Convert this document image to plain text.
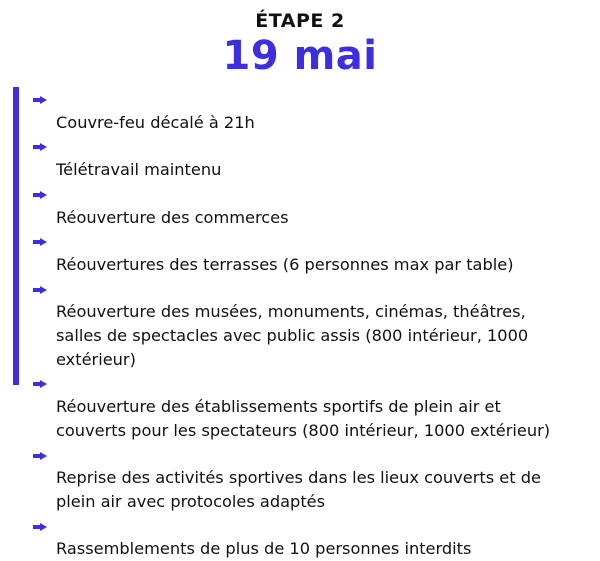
ÉTAPE 2
19 mai

Couvre-feu décalé à 21h

Télétravail maintenu

Réouverture des commerces

Réouvertures des terrasses (6 personnes max par table)

Réouverture des musées, monuments, cinémas, théâtres,
salles de spectacles avec public assis (800 intérieur, 1000
extérieur)

Réouverture des établissements sportifs de plein air et
couverts pour les spectateurs (800 intérieur, 1000 extérieur)

Reprise des activités sportives dans les lieux couverts et de
plein air avec protocoles adaptés

Rassemblements de plus de 10 personnes interdits
